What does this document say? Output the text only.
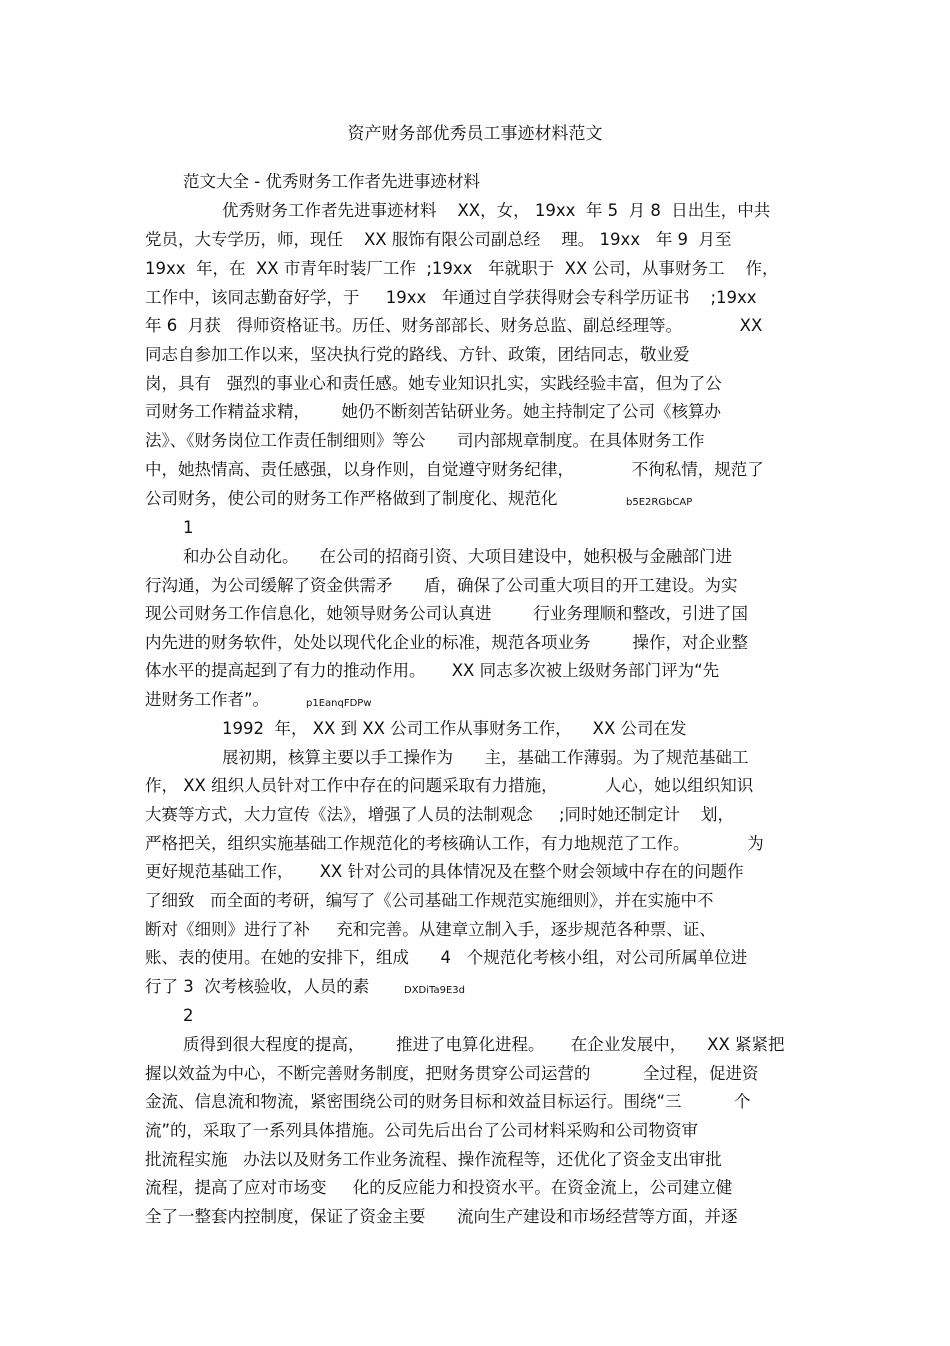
资产财务部优秀员工事迹材料范文
范文大全 - 优秀财务工作者先进事迹材料
优秀财务工作者先进事迹材料    XX，女， 19xx  年 5  月 8  日出生，中共
党员，大专学历，师，现任    XX 服饰有限公司副总经    理。 19xx   年 9  月至
19xx  年，在  XX 市青年时装厂工作  ;19xx   年就职于  XX 公司，从事财务工    作，
工作中，该同志勤奋好学，于     19xx   年通过自学获得财会专科学历证书    ;19xx
年 6  月获   得师资格证书。历任、财务部部长、财务总监、副总经理等。           XX
同志自参加工作以来，坚决执行党的路线、方针、政策，团结同志，敬业爱
岗，具有   强烈的事业心和责任感。她专业知识扎实，实践经验丰富，但为了公
司财务工作精益求精，      她仍不断刻苦钻研业务。她主持制定了公司《核算办
法》、《财务岗位工作责任制细则》等公      司内部规章制度。在具体财务工作
中，她热情高、责任感强，以身作则，自觉遵守财务纪律，           不徇私情，规范了
公司财务，使公司的财务工作严格做到了制度化、规范化	b5E2RGbCAP
1
和办公自动化。    在公司的招商引资、大项目建设中，她积极与金融部门进
行沟通，为公司缓解了资金供需矛      盾，确保了公司重大项目的开工建设。为实
现公司财务工作信息化，她领导财务公司认真进        行业务理顺和整改，引进了国
内先进的财务软件，处处以现代化企业的标准，规范各项业务        操作，对企业整
体水平的提高起到了有力的推动作用。     XX 同志多次被上级财务部门评为“先
进财务工作者”。	p1EanqFDPw
1992  年， XX 到 XX 公司工作从事财务工作，    XX 公司在发
展初期，核算主要以手工操作为      主，基础工作薄弱。为了规范基础工
作， XX 组织人员针对工作中存在的问题采取有力措施，         人心，她以组织知识
大赛等方式，大力宣传《法》，增强了人员的法制观念     ;同时她还制定计    划，
严格把关，组织实施基础工作规范化的考核确认工作，有力地规范了工作。           为
更好规范基础工作，     XX 针对公司的具体情况及在整个财会领域中存在的问题作
了细致   而全面的考研，编写了《公司基础工作规范实施细则》，并在实施中不
断对《细则》进行了补     充和完善。从建章立制入手，逐步规范各种票、证、
账、表的使用。在她的安排下，组成      4   个规范化考核小组，对公司所属单位进
行了 3  次考核验收，人员的素	DXDiTa9E3d
2
质得到很大程度的提高，      推进了电算化进程。     在企业发展中，    XX 紧紧把
握以效益为中心，不断完善财务制度，把财务贯穿公司运营的          全过程，促进资
金流、信息流和物流，紧密围绕公司的财务目标和效益目标运行。围绕“三          个
流”的，采取了一系列具体措施。公司先后出台了公司材料采购和公司物资审
批流程实施   办法以及财务工作业务流程、操作流程等，还优化了资金支出审批
流程，提高了应对市场变     化的反应能力和投资水平。在资金流上，公司建立健
全了一整套内控制度，保证了资金主要      流向生产建设和市场经营等方面，并逐
